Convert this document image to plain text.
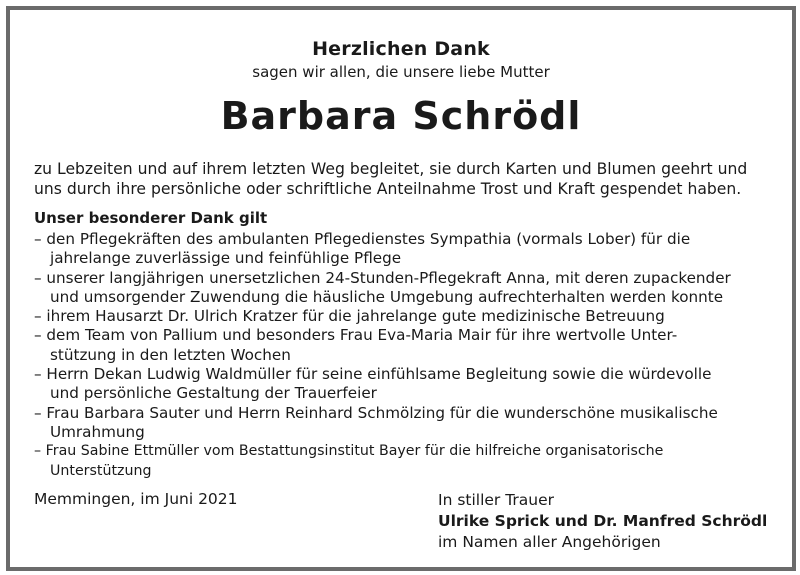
Herzlichen Dank
sagen wir allen, die unsere liebe Mutter
Barbara Schrödl
zu Lebzeiten und auf ihrem letzten Weg begleitet, sie durch Karten und Blumen geehrt und
uns durch ihre persönliche oder schriftliche Anteilnahme Trost und Kraft gespendet haben.
Unser besonderer Dank gilt
– den Pflegekräften des ambulanten Pflegedienstes Sympathia (vormals Lober) für die
jahrelange zuverlässige und feinfühlige Pflege
– unserer langjährigen unersetzlichen 24-Stunden-Pflegekraft Anna, mit deren zupackender
und umsorgender Zuwendung die häusliche Umgebung aufrechterhalten werden konnte
– ihrem Hausarzt Dr. Ulrich Kratzer für die jahrelange gute medizinische Betreuung
– dem Team von Pallium und besonders Frau Eva-Maria Mair für ihre wertvolle Unter-
stützung in den letzten Wochen
– Herrn Dekan Ludwig Waldmüller für seine einfühlsame Begleitung sowie die würdevolle
und persönliche Gestaltung der Trauerfeier
– Frau Barbara Sauter und Herrn Reinhard Schmölzing für die wunderschöne musikalische
Umrahmung
– Frau Sabine Ettmüller vom Bestattungsinstitut Bayer für die hilfreiche organisatorische
Unterstützung
Memmingen, im Juni 2021	In stiller Trauer
Ulrike Sprick und Dr. Manfred Schrödl
im Namen aller Angehörigen
